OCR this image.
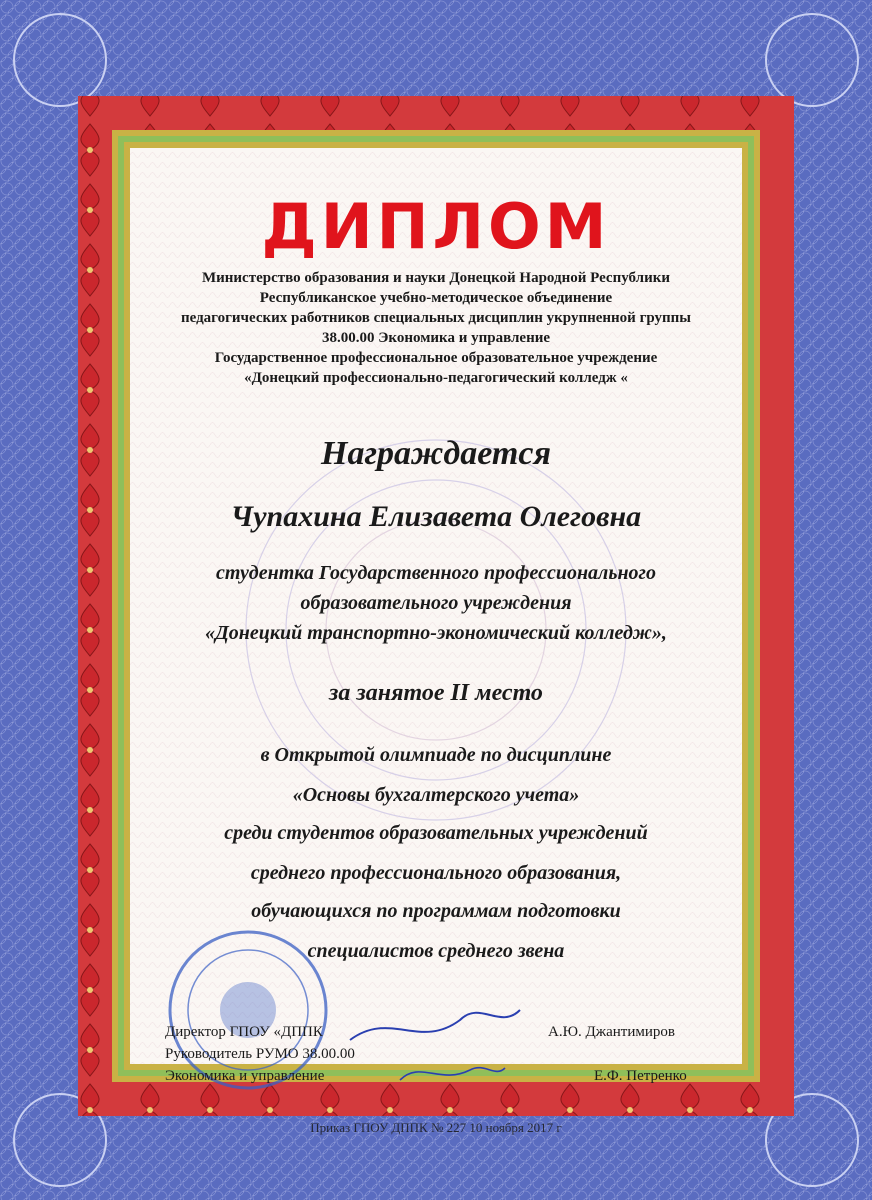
ДИПЛОМ
Министерство образования и науки Донецкой Народной Республики
Республиканское учебно-методическое объединение
педагогических работников специальных дисциплин укрупненной группы
38.00.00 Экономика и управление
Государственное профессиональное образовательное учреждение
«Донецкий профессионально-педагогический колледж «
Награждается
Чупахина Елизавета Олеговна
студентка Государственного профессионального
образовательного учреждения
«Донецкий транспортно-экономический колледж»,
за занятое II место
в Открытой олимпиаде по дисциплине
«Основы бухгалтерского учета»
среди студентов образовательных учреждений
среднего профессионального образования,
обучающихся по программам подготовки
специалистов среднего звена
Директор ГПОУ «ДППК
Руководитель РУМО 38.00.00
Экономика и управление
А.Ю. Джантимиров
Е.Ф. Петренко
Приказ ГПОУ ДППК № 227 10 ноября 2017 г
